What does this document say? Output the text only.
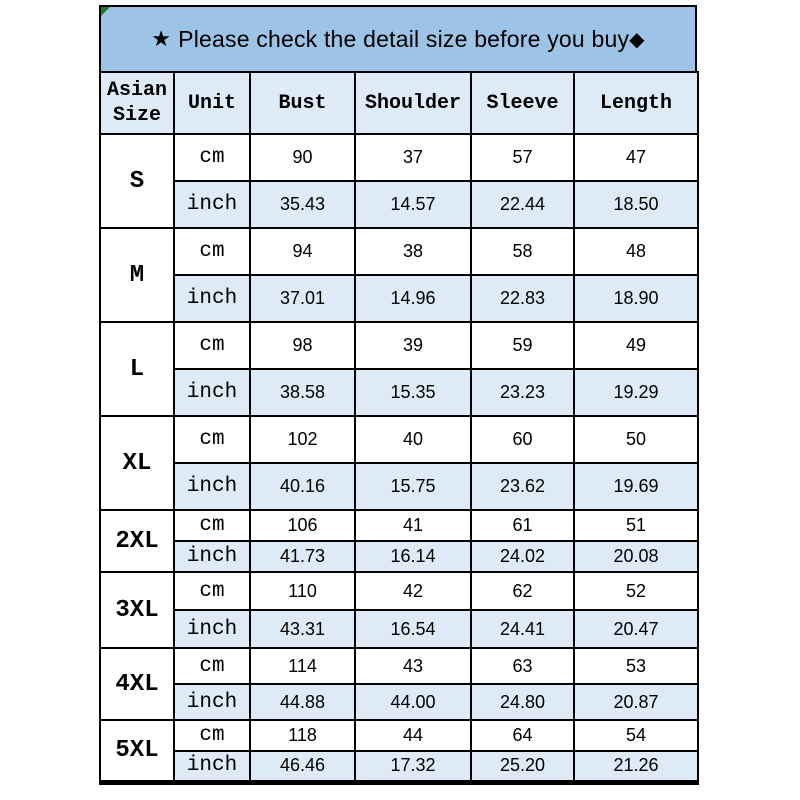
★ Please check the detail size before you buy ◆
Asian Size	Unit	Bust	Shoulder	Sleeve	Length
S	cm	90	37	57	47
	inch	35.43	14.57	22.44	18.50
M	cm	94	38	58	48
	inch	37.01	14.96	22.83	18.90
L	cm	98	39	59	49
	inch	38.58	15.35	23.23	19.29
XL	cm	102	40	60	50
	inch	40.16	15.75	23.62	19.69
2XL	cm	106	41	61	51
	inch	41.73	16.14	24.02	20.08
3XL	cm	110	42	62	52
	inch	43.31	16.54	24.41	20.47
4XL	cm	114	43	63	53
	inch	44.88	44.00	24.80	20.87
5XL	cm	118	44	64	54
	inch	46.46	17.32	25.20	21.26
